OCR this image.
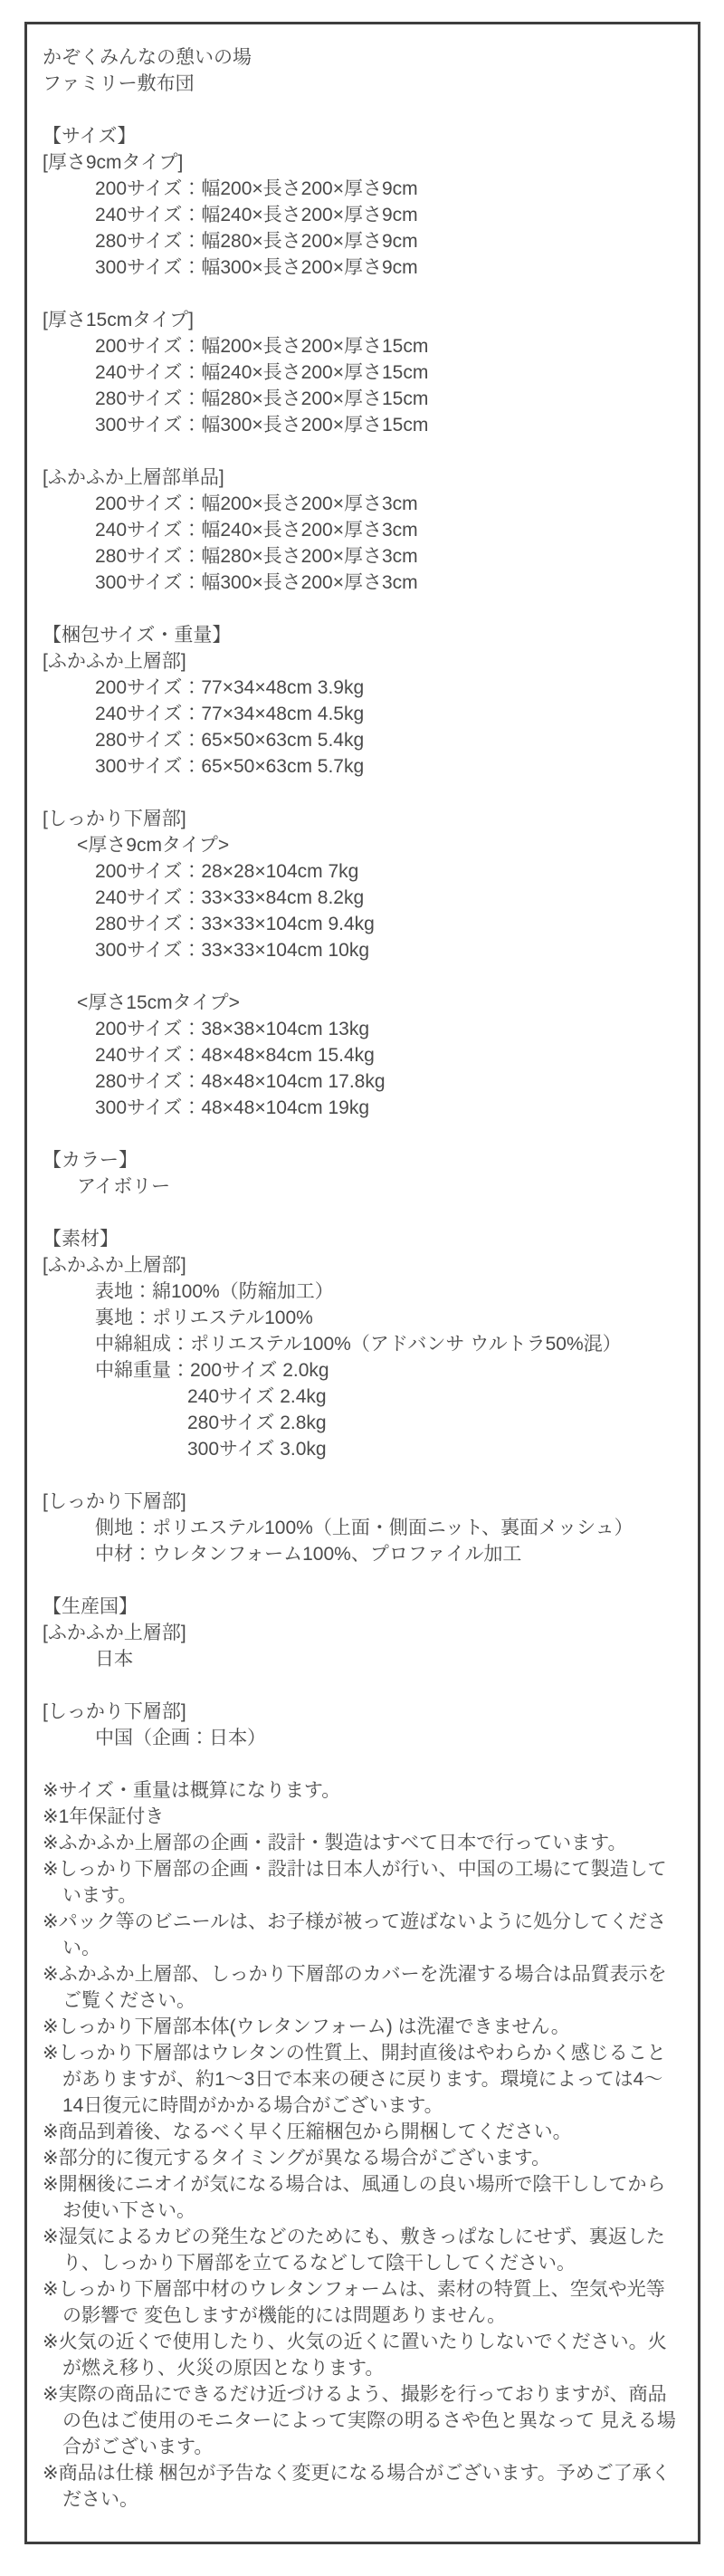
かぞくみんなの憩いの場
ファミリー敷布団
【サイズ】
[厚さ9cmタイプ]
200サイズ：幅200×長さ200×厚さ9cm
240サイズ：幅240×長さ200×厚さ9cm
280サイズ：幅280×長さ200×厚さ9cm
300サイズ：幅300×長さ200×厚さ9cm
[厚さ15cmタイプ]
200サイズ：幅200×長さ200×厚さ15cm
240サイズ：幅240×長さ200×厚さ15cm
280サイズ：幅280×長さ200×厚さ15cm
300サイズ：幅300×長さ200×厚さ15cm
[ふかふか上層部単品]
200サイズ：幅200×長さ200×厚さ3cm
240サイズ：幅240×長さ200×厚さ3cm
280サイズ：幅280×長さ200×厚さ3cm
300サイズ：幅300×長さ200×厚さ3cm
【梱包サイズ・重量】
[ふかふか上層部]
200サイズ：77×34×48cm 3.9kg
240サイズ：77×34×48cm 4.5kg
280サイズ：65×50×63cm 5.4kg
300サイズ：65×50×63cm 5.7kg
[しっかり下層部]
<厚さ9cmタイプ>
200サイズ：28×28×104cm 7kg
240サイズ：33×33×84cm 8.2kg
280サイズ：33×33×104cm 9.4kg
300サイズ：33×33×104cm 10kg
<厚さ15cmタイプ>
200サイズ：38×38×104cm 13kg
240サイズ：48×48×84cm 15.4kg
280サイズ：48×48×104cm 17.8kg
300サイズ：48×48×104cm 19kg
【カラー】
アイボリー
【素材】
[ふかふか上層部]
表地：綿100%（防縮加工）
裏地：ポリエステル100%
中綿組成：ポリエステル100%（アドバンサ ウルトラ50%混）
中綿重量：200サイズ 2.0kg
240サイズ 2.4kg
280サイズ 2.8kg
300サイズ 3.0kg
[しっかり下層部]
側地：ポリエステル100%（上面・側面ニット、裏面メッシュ）
中材：ウレタンフォーム100%、プロファイル加工
【生産国】
[ふかふか上層部]
日本
[しっかり下層部]
中国（企画：日本）

※サイズ・重量は概算になります。

※1年保証付き

※ふかふか上層部の企画・設計・製造はすべて日本で行っています。

※しっかり下層部の企画・設計は日本人が行い、中国の工場にて製造しています。

※パック等のビニールは、お子様が被って遊ばないように処分してください。

※ふかふか上層部、しっかり下層部のカバーを洗濯する場合は品質表示をご覧ください。

※しっかり下層部本体(ウレタンフォーム) は洗濯できません。

※しっかり下層部はウレタンの性質上、開封直後はやわらかく感じることがありますが、約1～3日で本来の硬さに戻ります。環境によっては4～14日復元に時間がかかる場合がございます。

※商品到着後、なるべく早く圧縮梱包から開梱してください。

※部分的に復元するタイミングが異なる場合がございます。

※開梱後にニオイが気になる場合は、風通しの良い場所で陰干ししてからお使い下さい。

※湿気によるカビの発生などのためにも、敷きっぱなしにせず、裏返したり、しっかり下層部を立てるなどして陰干ししてください。

※しっかり下層部中材のウレタンフォームは、素材の特質上、空気や光等の影響で 変色しますが機能的には問題ありません。

※火気の近くで使用したり、火気の近くに置いたりしないでください。火が燃え移り、火災の原因となります。

※実際の商品にできるだけ近づけるよう、撮影を行っておりますが、商品の色はご使用のモニターによって実際の明るさや色と異なって 見える場合がございます。

※商品は仕様 梱包が予告なく変更になる場合がございます。予めご了承ください。
